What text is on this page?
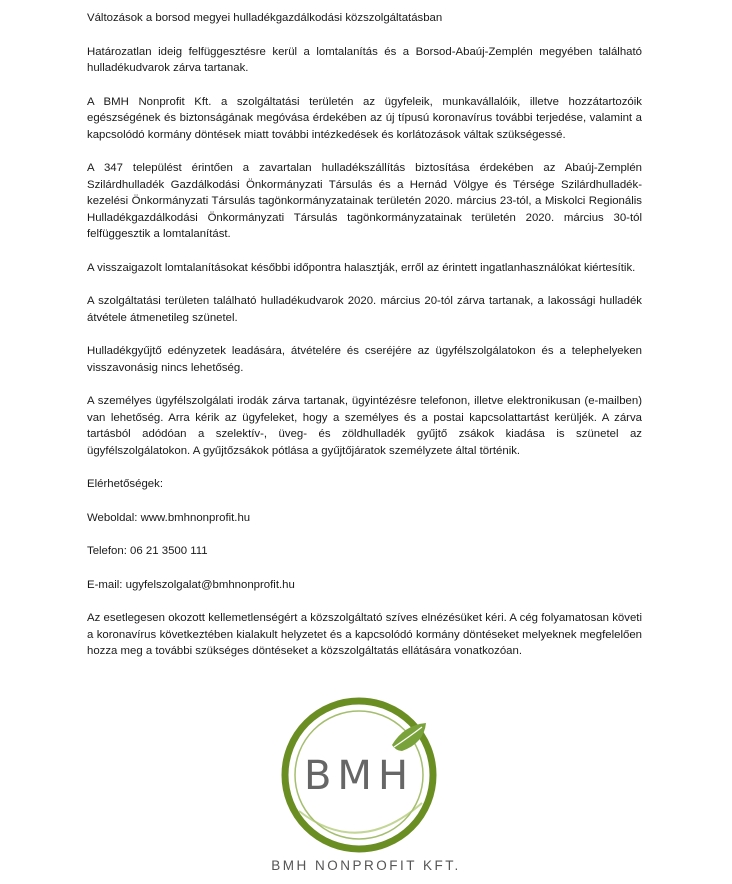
Változások a borsod megyei hulladékgazdálkodási közszolgáltatásban

Határozatlan ideig felfüggesztésre kerül a lomtalanítás és a Borsod-Abaúj-Zemplén megyében található hulladékudvarok zárva tartanak.

A BMH Nonprofit Kft. a szolgáltatási területén az ügyfeleik, munkavállalóik, illetve hozzátartozóik egészségének és biztonságának megóvása érdekében az új típusú koronavírus további terjedése, valamint a kapcsolódó kormány döntések miatt további intézkedések és korlátozások váltak szükségessé.

A 347 települést érintően a zavartalan hulladékszállítás biztosítása érdekében az Abaúj-Zemplén Szilárdhulladék Gazdálkodási Önkormányzati Társulás és a Hernád Völgye és Térsége Szilárdhulladék-kezelési Önkormányzati Társulás tagönkormányzatainak területén 2020. március 23-tól, a Miskolci Regionális Hulladékgazdálkodási Önkormányzati Társulás tagönkormányzatainak területén 2020. március 30-tól felfüggesztik a lomtalanítást.

A visszaigazolt lomtalanításokat későbbi időpontra halasztják, erről az érintett ingatlanhasználókat kiértesítik.

A szolgáltatási területen található hulladékudvarok 2020. március 20-tól zárva tartanak, a lakossági hulladék átvétele átmenetileg szünetel.

Hulladékgyűjtő edényzetek leadására, átvételére és cseréjére az ügyfélszolgálatokon és a telephelyeken visszavonásig nincs lehetőség.

A személyes ügyfélszolgálati irodák zárva tartanak, ügyintézésre telefonon, illetve elektronikusan (e-mailben) van lehetőség. Arra kérik az ügyfeleket, hogy a személyes és a postai kapcsolattartást kerüljék. A zárva tartásból adódóan a szelektív-, üveg- és zöldhulladék gyűjtő zsákok kiadása is szünetel az ügyfélszolgálatokon. A gyűjtőzsákok pótlása a gyűjtőjáratok személyzete által történik.

Elérhetőségek:

Weboldal: www.bmhnonprofit.hu

Telefon: 06 21 3500 111

E-mail: ugyfelszolgalat@bmhnonprofit.hu

Az esetlegesen okozott kellemetlenségért a közszolgáltató szíves elnézésüket kéri. A cég folyamatosan követi a koronavírus következtében kialakult helyzetet és a kapcsolódó kormány döntéseket melyeknek megfelelően hozza meg a további szükséges döntéseket a közszolgáltatás ellátására vonatkozóan.

BMH
BMH NONPROFIT KFT.
